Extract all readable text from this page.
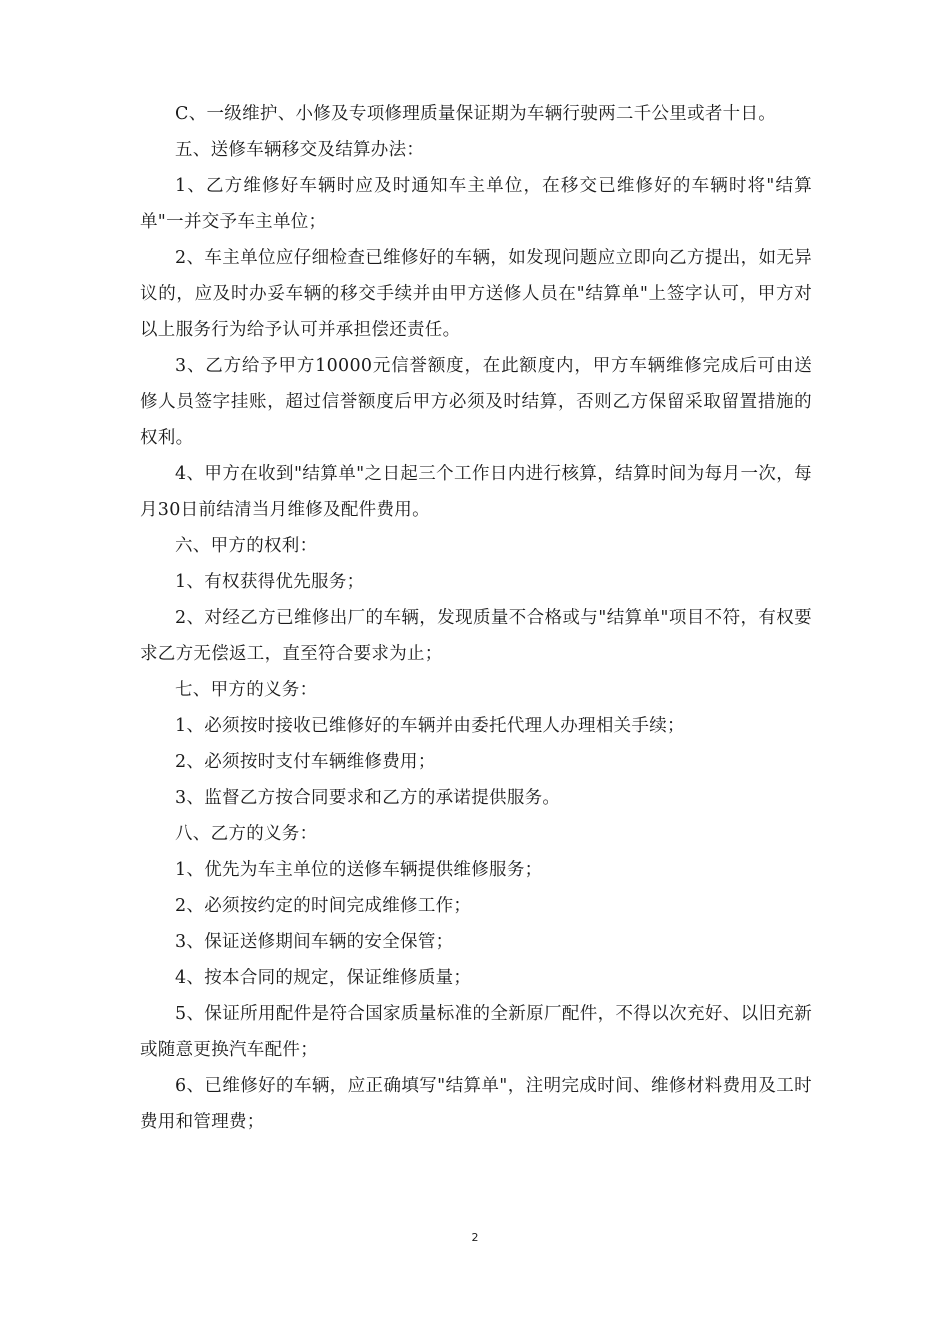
C、一级维护、小修及专项修理质量保证期为车辆行驶两二千公里或者十日。

五、送修车辆移交及结算办法：

1、乙方维修好车辆时应及时通知车主单位，在移交已维修好的车辆时将"结算单"一并交予车主单位；

2、车主单位应仔细检查已维修好的车辆，如发现问题应立即向乙方提出，如无异议的，应及时办妥车辆的移交手续并由甲方送修人员在"结算单"上签字认可，甲方对以上服务行为给予认可并承担偿还责任。

3、乙方给予甲方10000元信誉额度，在此额度内，甲方车辆维修完成后可由送修人员签字挂账，超过信誉额度后甲方必须及时结算，否则乙方保留采取留置措施的权利。

4、甲方在收到"结算单"之日起三个工作日内进行核算，结算时间为每月一次，每月30日前结清当月维修及配件费用。

六、甲方的权利：

1、有权获得优先服务；

2、对经乙方已维修出厂的车辆，发现质量不合格或与"结算单"项目不符，有权要求乙方无偿返工，直至符合要求为止；

七、甲方的义务：

1、必须按时接收已维修好的车辆并由委托代理人办理相关手续；

2、必须按时支付车辆维修费用；

3、监督乙方按合同要求和乙方的承诺提供服务。

八、乙方的义务：

1、优先为车主单位的送修车辆提供维修服务；

2、必须按约定的时间完成维修工作；

3、保证送修期间车辆的安全保管；

4、按本合同的规定，保证维修质量；

5、保证所用配件是符合国家质量标准的全新原厂配件，不得以次充好、以旧充新或随意更换汽车配件；

6、已维修好的车辆，应正确填写"结算单"，注明完成时间、维修材料费用及工时费用和管理费；

2
